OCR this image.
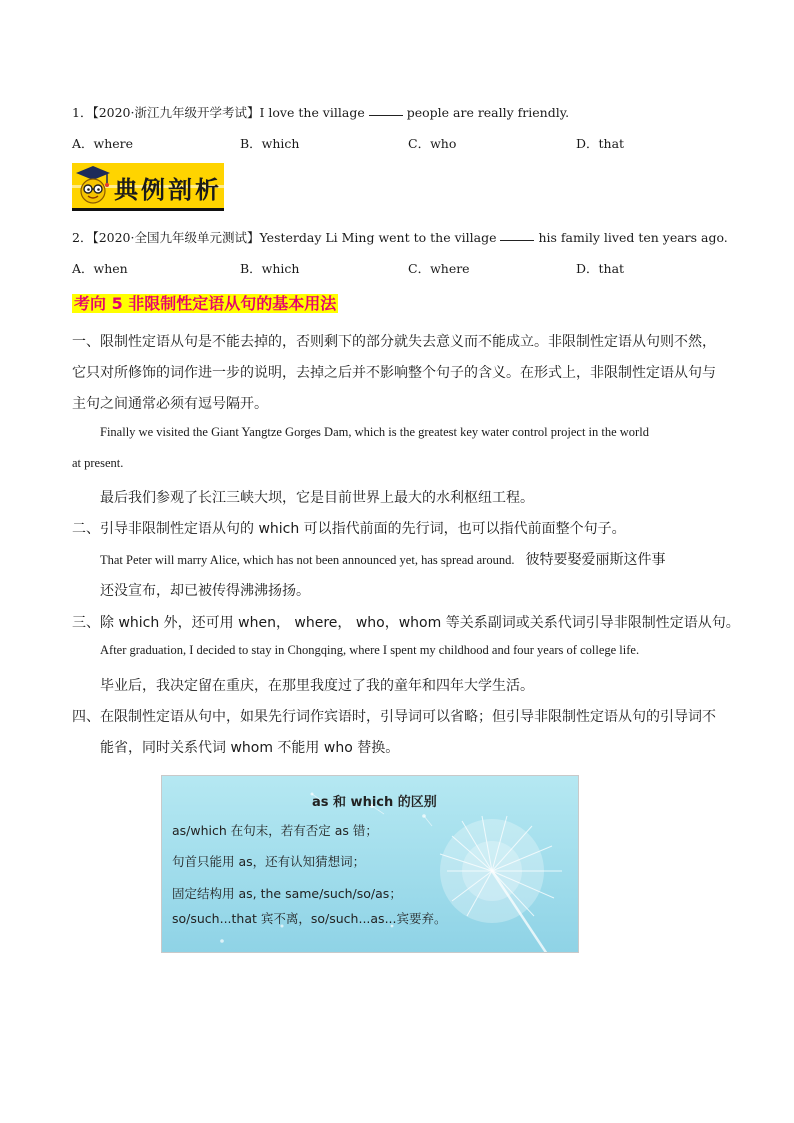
1．【2020·浙江九年级开学考试】I love the village	people are really friendly.
A．where	B．which	C．who	D．that
典例剖析
2．【2020·全国九年级单元测试】Yesterday Li Ming went to the village	his family lived ten years ago.
A．when	B．which	C．where	D．that
考向 5 非限制性定语从句的基本用法
一、限制性定语从句是不能去掉的，否则剩下的部分就失去意义而不能成立。非限制性定语从句则不然，
它只对所修饰的词作进一步的说明，去掉之后并不影响整个句子的含义。在形式上，非限制性定语从句与
主句之间通常必须有逗号隔开。
Finally we visited the Giant Yangtze Gorges Dam, which is the greatest key water control project in the world
at present.
最后我们参观了长江三峡大坝，它是目前世界上最大的水利枢纽工程。
二、引导非限制性定语从句的 which 可以指代前面的先行词，也可以指代前面整个句子。
That Peter will marry Alice, which has not been announced yet, has spread around. 彼特要娶爱丽斯这件事
还没宣布，却已被传得沸沸扬扬。
三、除 which 外，还可用 when， where， who，whom 等关系副词或关系代词引导非限制性定语从句。
After graduation, I decided to stay in Chongqing, where I spent my childhood and four years of college life.
毕业后，我决定留在重庆，在那里我度过了我的童年和四年大学生活。
四、在限制性定语从句中，如果先行词作宾语时，引导词可以省略；但引导非限制性定语从句的引导词不
能省，同时关系代词 whom 不能用 who 替换。
as 和 which 的区别
as/which 在句末，若有否定 as 错；
句首只能用 as，还有认知猜想词；
固定结构用 as, the same/such/so/as；
so/such...that 宾不离，so/such...as...宾要弃。
